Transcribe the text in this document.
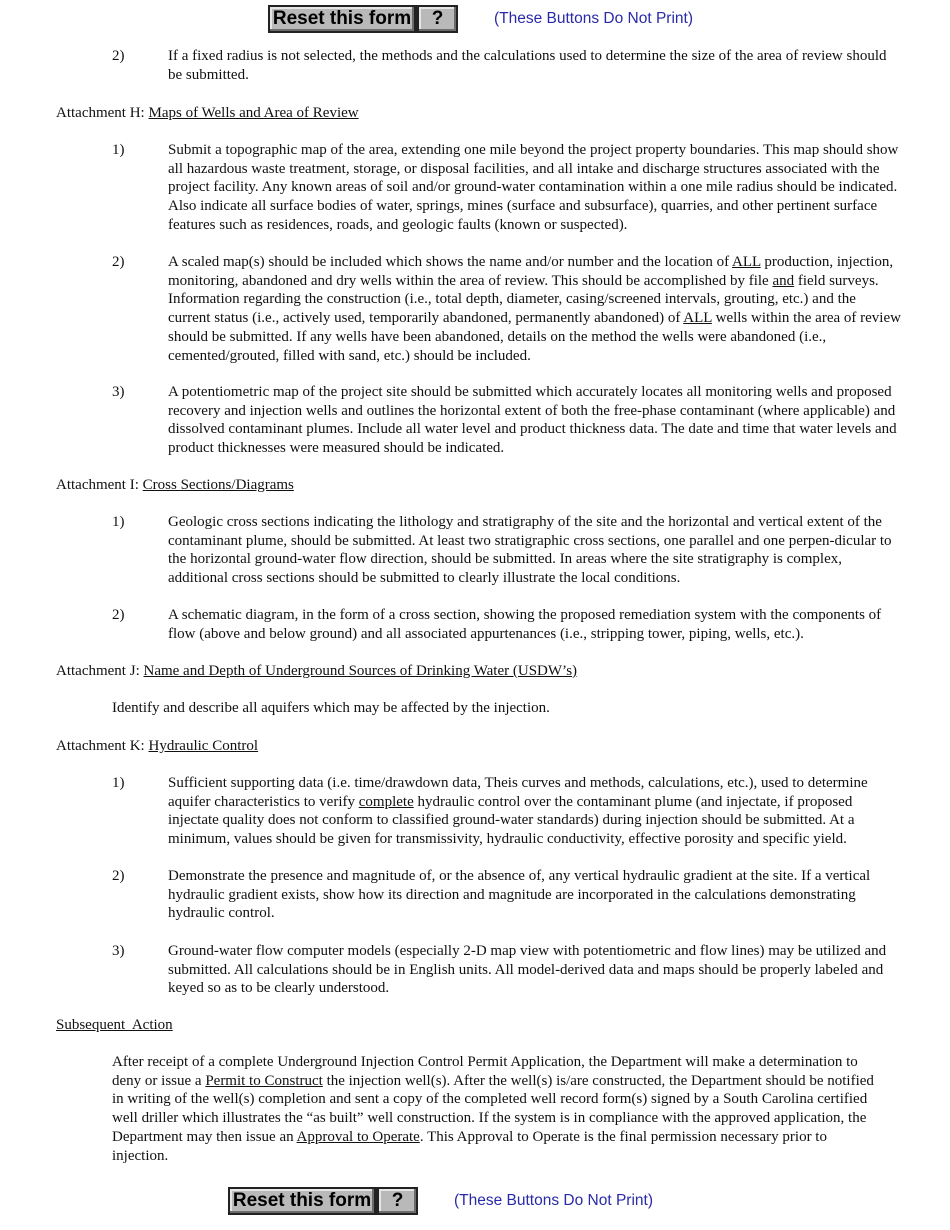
Reset this form	?	(These Buttons Do Not Print)
2)	If a fixed radius is not selected, the methods and the calculations used to determine the size of the area of review should be submitted.
Attachment H: Maps of Wells and Area of Review
1)	Submit a topographic map of the area, extending one mile beyond the project property boundaries. This map should show all hazardous waste treatment, storage, or disposal facilities, and all intake and discharge structures associated with the project facility. Any known areas of soil and/or ground-water contamination within a one mile radius should be indicated. Also indicate all surface bodies of water, springs, mines (surface and subsurface), quarries, and other pertinent surface features such as residences, roads, and geologic faults (known or suspected).
2)	A scaled map(s) should be included which shows the name and/or number and the location of ALL production, injection, monitoring, abandoned and dry wells within the area of review. This should be accomplished by file and field surveys. Information regarding the construction (i.e., total depth, diameter, casing/screened intervals, grouting, etc.) and the current status (i.e., actively used, temporarily abandoned, permanently abandoned) of ALL wells within the area of review should be submitted. If any wells have been abandoned, details on the method the wells were abandoned (i.e., cemented/grouted, filled with sand, etc.) should be included.
3)	A potentiometric map of the project site should be submitted which accurately locates all monitoring wells and proposed recovery and injection wells and outlines the horizontal extent of both the free-phase contaminant (where applicable) and dissolved contaminant plumes. Include all water level and product thickness data. The date and time that water levels and product thicknesses were measured should be indicated.
Attachment I: Cross Sections/Diagrams
1)	Geologic cross sections indicating the lithology and stratigraphy of the site and the horizontal and vertical extent of the contaminant plume, should be submitted. At least two stratigraphic cross sections, one parallel and one perpen-dicular to the horizontal ground-water flow direction, should be submitted. In areas where the site stratigraphy is complex, additional cross sections should be submitted to clearly illustrate the local conditions.
2)	A schematic diagram, in the form of a cross section, showing the proposed remediation system with the components of flow (above and below ground) and all associated appurtenances (i.e., stripping tower, piping, wells, etc.).
Attachment J: Name and Depth of Underground Sources of Drinking Water (USDW’s)
Identify and describe all aquifers which may be affected by the injection.
Attachment K: Hydraulic Control
1)	Sufficient supporting data (i.e. time/drawdown data, Theis curves and methods, calculations, etc.), used to determine aquifer characteristics to verify complete hydraulic control over the contaminant plume (and injectate, if proposed injectate quality does not conform to classified ground-water standards) during injection should be submitted. At a minimum, values should be given for transmissivity, hydraulic conductivity, effective porosity and specific yield.
2)	Demonstrate the presence and magnitude of, or the absence of, any vertical hydraulic gradient at the site. If a vertical hydraulic gradient exists, show how its direction and magnitude are incorporated in the calculations demonstrating hydraulic control.
3)	Ground-water flow computer models (especially 2-D map view with potentiometric and flow lines) may be utilized and submitted. All calculations should be in English units. All model-derived data and maps should be properly labeled and keyed so as to be clearly understood.
Subsequent  Action
After receipt of a complete Underground Injection Control Permit Application, the Department will make a determination to deny or issue a Permit to Construct the injection well(s). After the well(s) is/are constructed, the Department should be notified in writing of the well(s) completion and sent a copy of the completed well record form(s) signed by a South Carolina certified well driller which illustrates the “as built” well construction. If the system is in compliance with the approved application, the Department may then issue an Approval to Operate. This Approval to Operate is the final permission necessary prior to injection.
Reset this form	?	(These Buttons Do Not Print)
